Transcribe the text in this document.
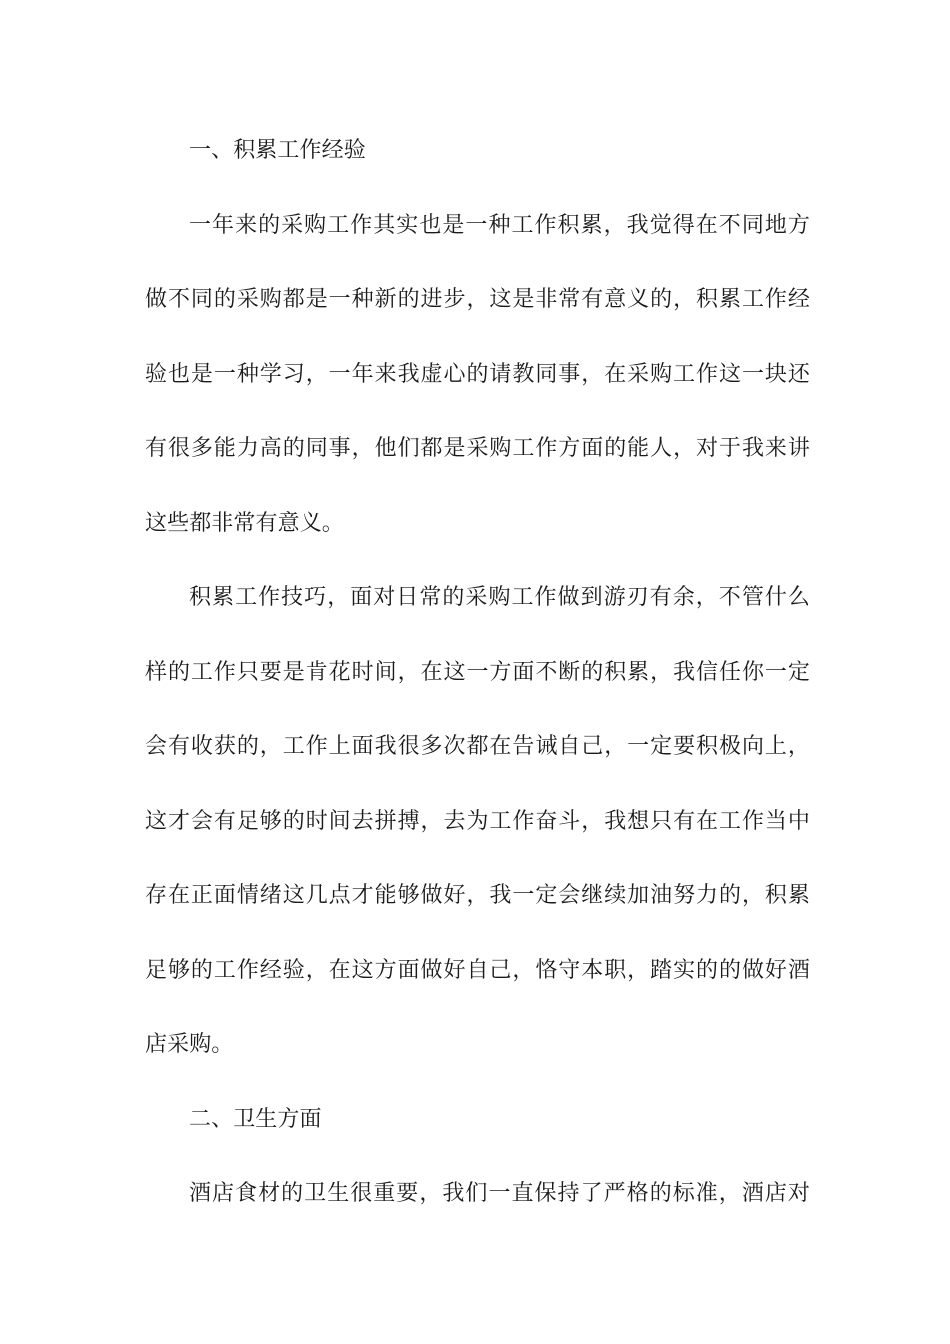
一、积累工作经验

一年来的采购工作其实也是一种工作积累，我觉得在不同地方
做不同的采购都是一种新的进步，这是非常有意义的，积累工作经
验也是一种学习，一年来我虚心的请教同事，在采购工作这一块还
有很多能力高的同事，他们都是采购工作方面的能人，对于我来讲
这些都非常有意义。

积累工作技巧，面对日常的采购工作做到游刃有余，不管什么
样的工作只要是肯花时间，在这一方面不断的积累，我信任你一定
会有收获的，工作上面我很多次都在告诫自己，一定要积极向上，
这才会有足够的时间去拼搏，去为工作奋斗，我想只有在工作当中
存在正面情绪这几点才能够做好，我一定会继续加油努力的，积累
足够的工作经验，在这方面做好自己，恪守本职，踏实的的做好酒
店采购。

二、卫生方面

酒店食材的卫生很重要，我们一直保持了严格的标准，酒店对
